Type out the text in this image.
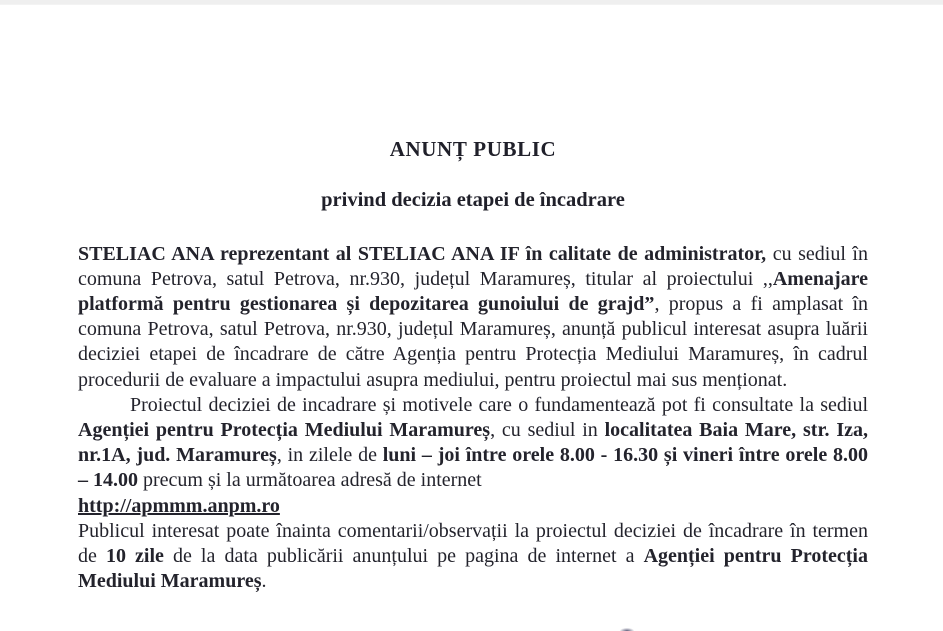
ANUNȚ PUBLIC
privind decizia etapei de încadrare

STELIAC ANA reprezentant al STELIAC ANA IF în calitate de administrator, cu sediul în comuna Petrova, satul Petrova, nr.930, județul Maramureș, titular al proiectului ,,Amenajare platformă pentru gestionarea și depozitarea gunoiului de grajd”, propus a fi amplasat în comuna Petrova, satul Petrova, nr.930, județul Maramureș, anunță publicul interesat asupra luării deciziei etapei de încadrare de către Agenția pentru Protecția Mediului Maramureș, în cadrul procedurii de evaluare a impactului asupra mediului, pentru proiectul mai sus menționat.

Proiectul deciziei de incadrare și motivele care o fundamentează pot fi consultate la sediul Agenției pentru Protecția Mediului Maramureș, cu sediul in localitatea Baia Mare, str. Iza, nr.1A, jud. Maramureș, in zilele de luni – joi între orele 8.00 - 16.30 și vineri între orele 8.00 – 14.00 precum și la următoarea adresă de internet

http://apmmm.anpm.ro
Publicul interesat poate înainta comentarii/observații la proiectul deciziei de încadrare în termen de 10 zile de la data publicării anunțului pe pagina de internet a Agenției pentru Protecția Mediului Maramureș.
